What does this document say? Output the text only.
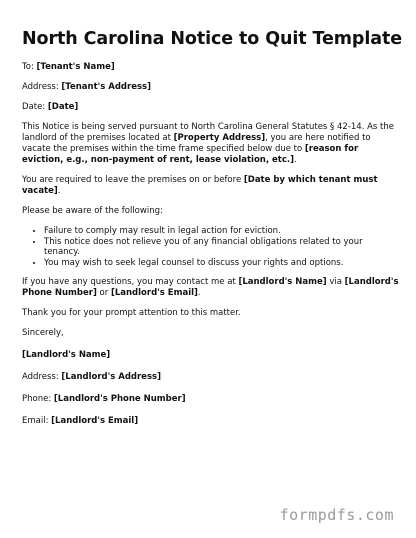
North Carolina Notice to Quit Template

To: [Tenant's Name]

Address: [Tenant's Address]

Date: [Date]

This Notice is being served pursuant to North Carolina General Statutes § 42-14. As the landlord of the premises located at [Property Address], you are here notified to vacate the premises within the time frame specified below due to [reason for eviction, e.g., non-payment of rent, lease violation, etc.].

You are required to leave the premises on or before [Date by which tenant must vacate].

Please be aware of the following:

• Failure to comply may result in legal action for eviction.
• This notice does not relieve you of any financial obligations related to your tenancy.
• You may wish to seek legal counsel to discuss your rights and options.

If you have any questions, you may contact me at [Landlord's Name] via [Landlord's Phone Number] or [Landlord's Email].

Thank you for your prompt attention to this matter.

Sincerely,

[Landlord's Name]

Address: [Landlord's Address]

Phone: [Landlord's Phone Number]

Email: [Landlord's Email]

formpdfs.com
